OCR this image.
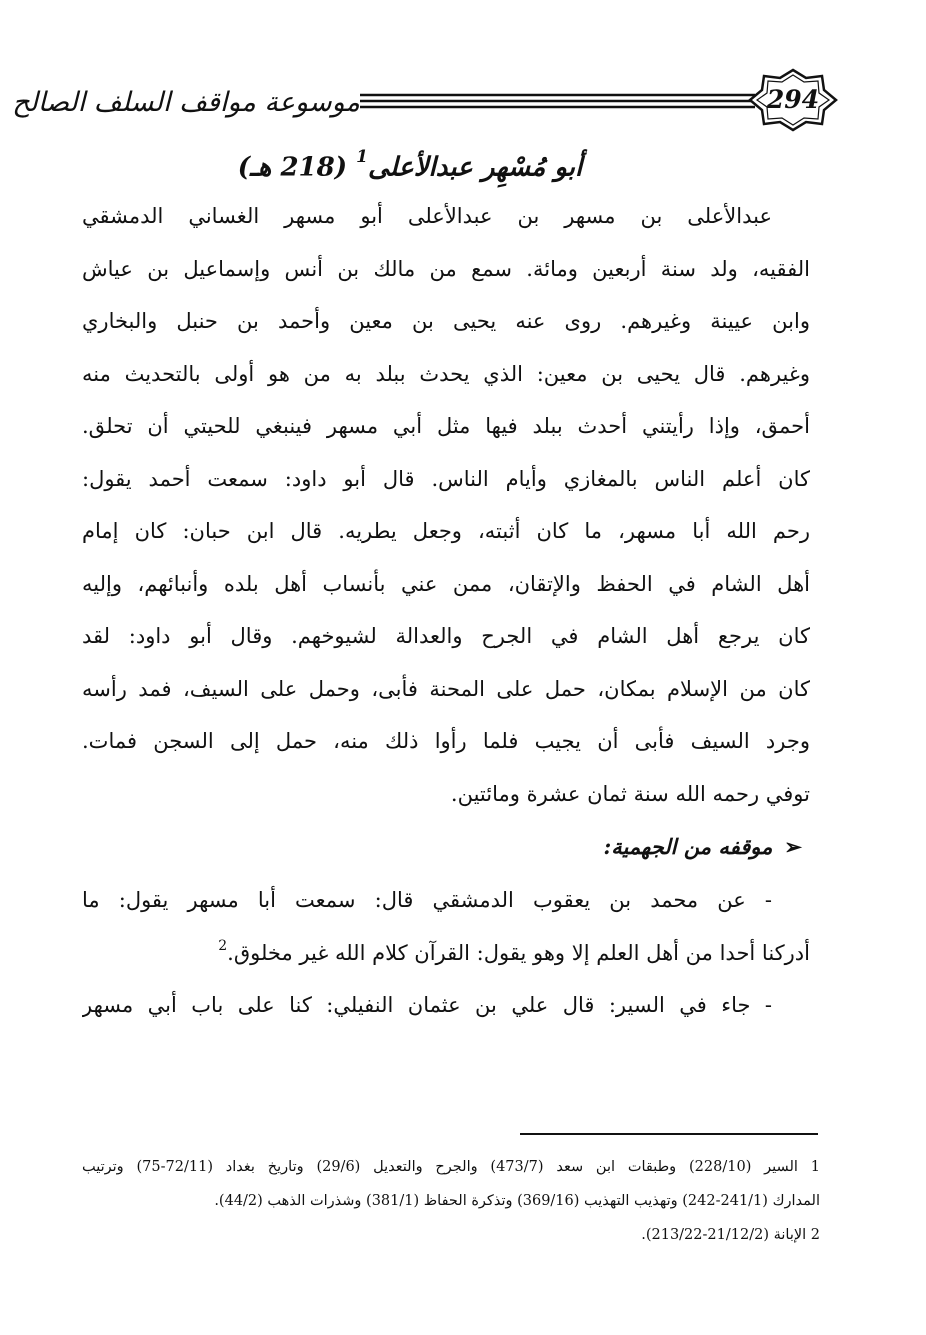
موسوعة مواقف السلف الصالح	294
أبو مُسْهِر عبدالأعلى$^1$ (218 هـ)
عبدالأعلى بن مسهر بن عبدالأعلى أبو مسهر الغساني الدمشقي
الفقيه، ولد سنة أربعين ومائة. سمع من مالك بن أنس وإسماعيل بن عياش
وابن عيينة وغيرهم. روى عنه يحيى بن معين وأحمد بن حنبل والبخاري
وغيرهم. قال يحيى بن معين: الذي يحدث ببلد به من هو أولى بالتحديث منه
أحمق، وإذا رأيتني أحدث ببلد فيها مثل أبي مسهر فينبغي للحيتي أن تحلق.
كان أعلم الناس بالمغازي وأيام الناس. قال أبو داود: سمعت أحمد يقول:
رحم الله أبا مسهر، ما كان أثبته، وجعل يطريه. قال ابن حبان: كان إمام
أهل الشام في الحفظ والإتقان، ممن عني بأنساب أهل بلده وأنبائهم، وإليه
كان يرجع أهل الشام في الجرح والعدالة لشيوخهم. وقال أبو داود: لقد
كان من الإسلام بمكان، حمل على المحنة فأبى، وحمل على السيف، فمد رأسه
وجرد السيف فأبى أن يجيب فلما رأوا ذلك منه، حمل إلى السجن فمات.
توفي رحمه الله سنة ثمان عشرة ومائتين.
➢موقفه من الجهمية:
- عن محمد بن يعقوب الدمشقي قال: سمعت أبا مسهر يقول: ما
أدركنا أحدا من أهل العلم إلا وهو يقول: القرآن كلام الله غير مخلوق.$^2$
- جاء في السير: قال علي بن عثمان النفيلي: كنا على باب أبي مسهر
1 السير (228/10) وطبقات ابن سعد (473/7) والجرح والتعديل (29/6) وتاريخ بغداد (72/11-75) وترتيب
المدارك (241/1-242) وتهذيب التهذيب (369/16) وتذكرة الحفاظ (381/1) وشذرات الذهب (44/2).
2 الإبانة (21/12/2-213/22).
